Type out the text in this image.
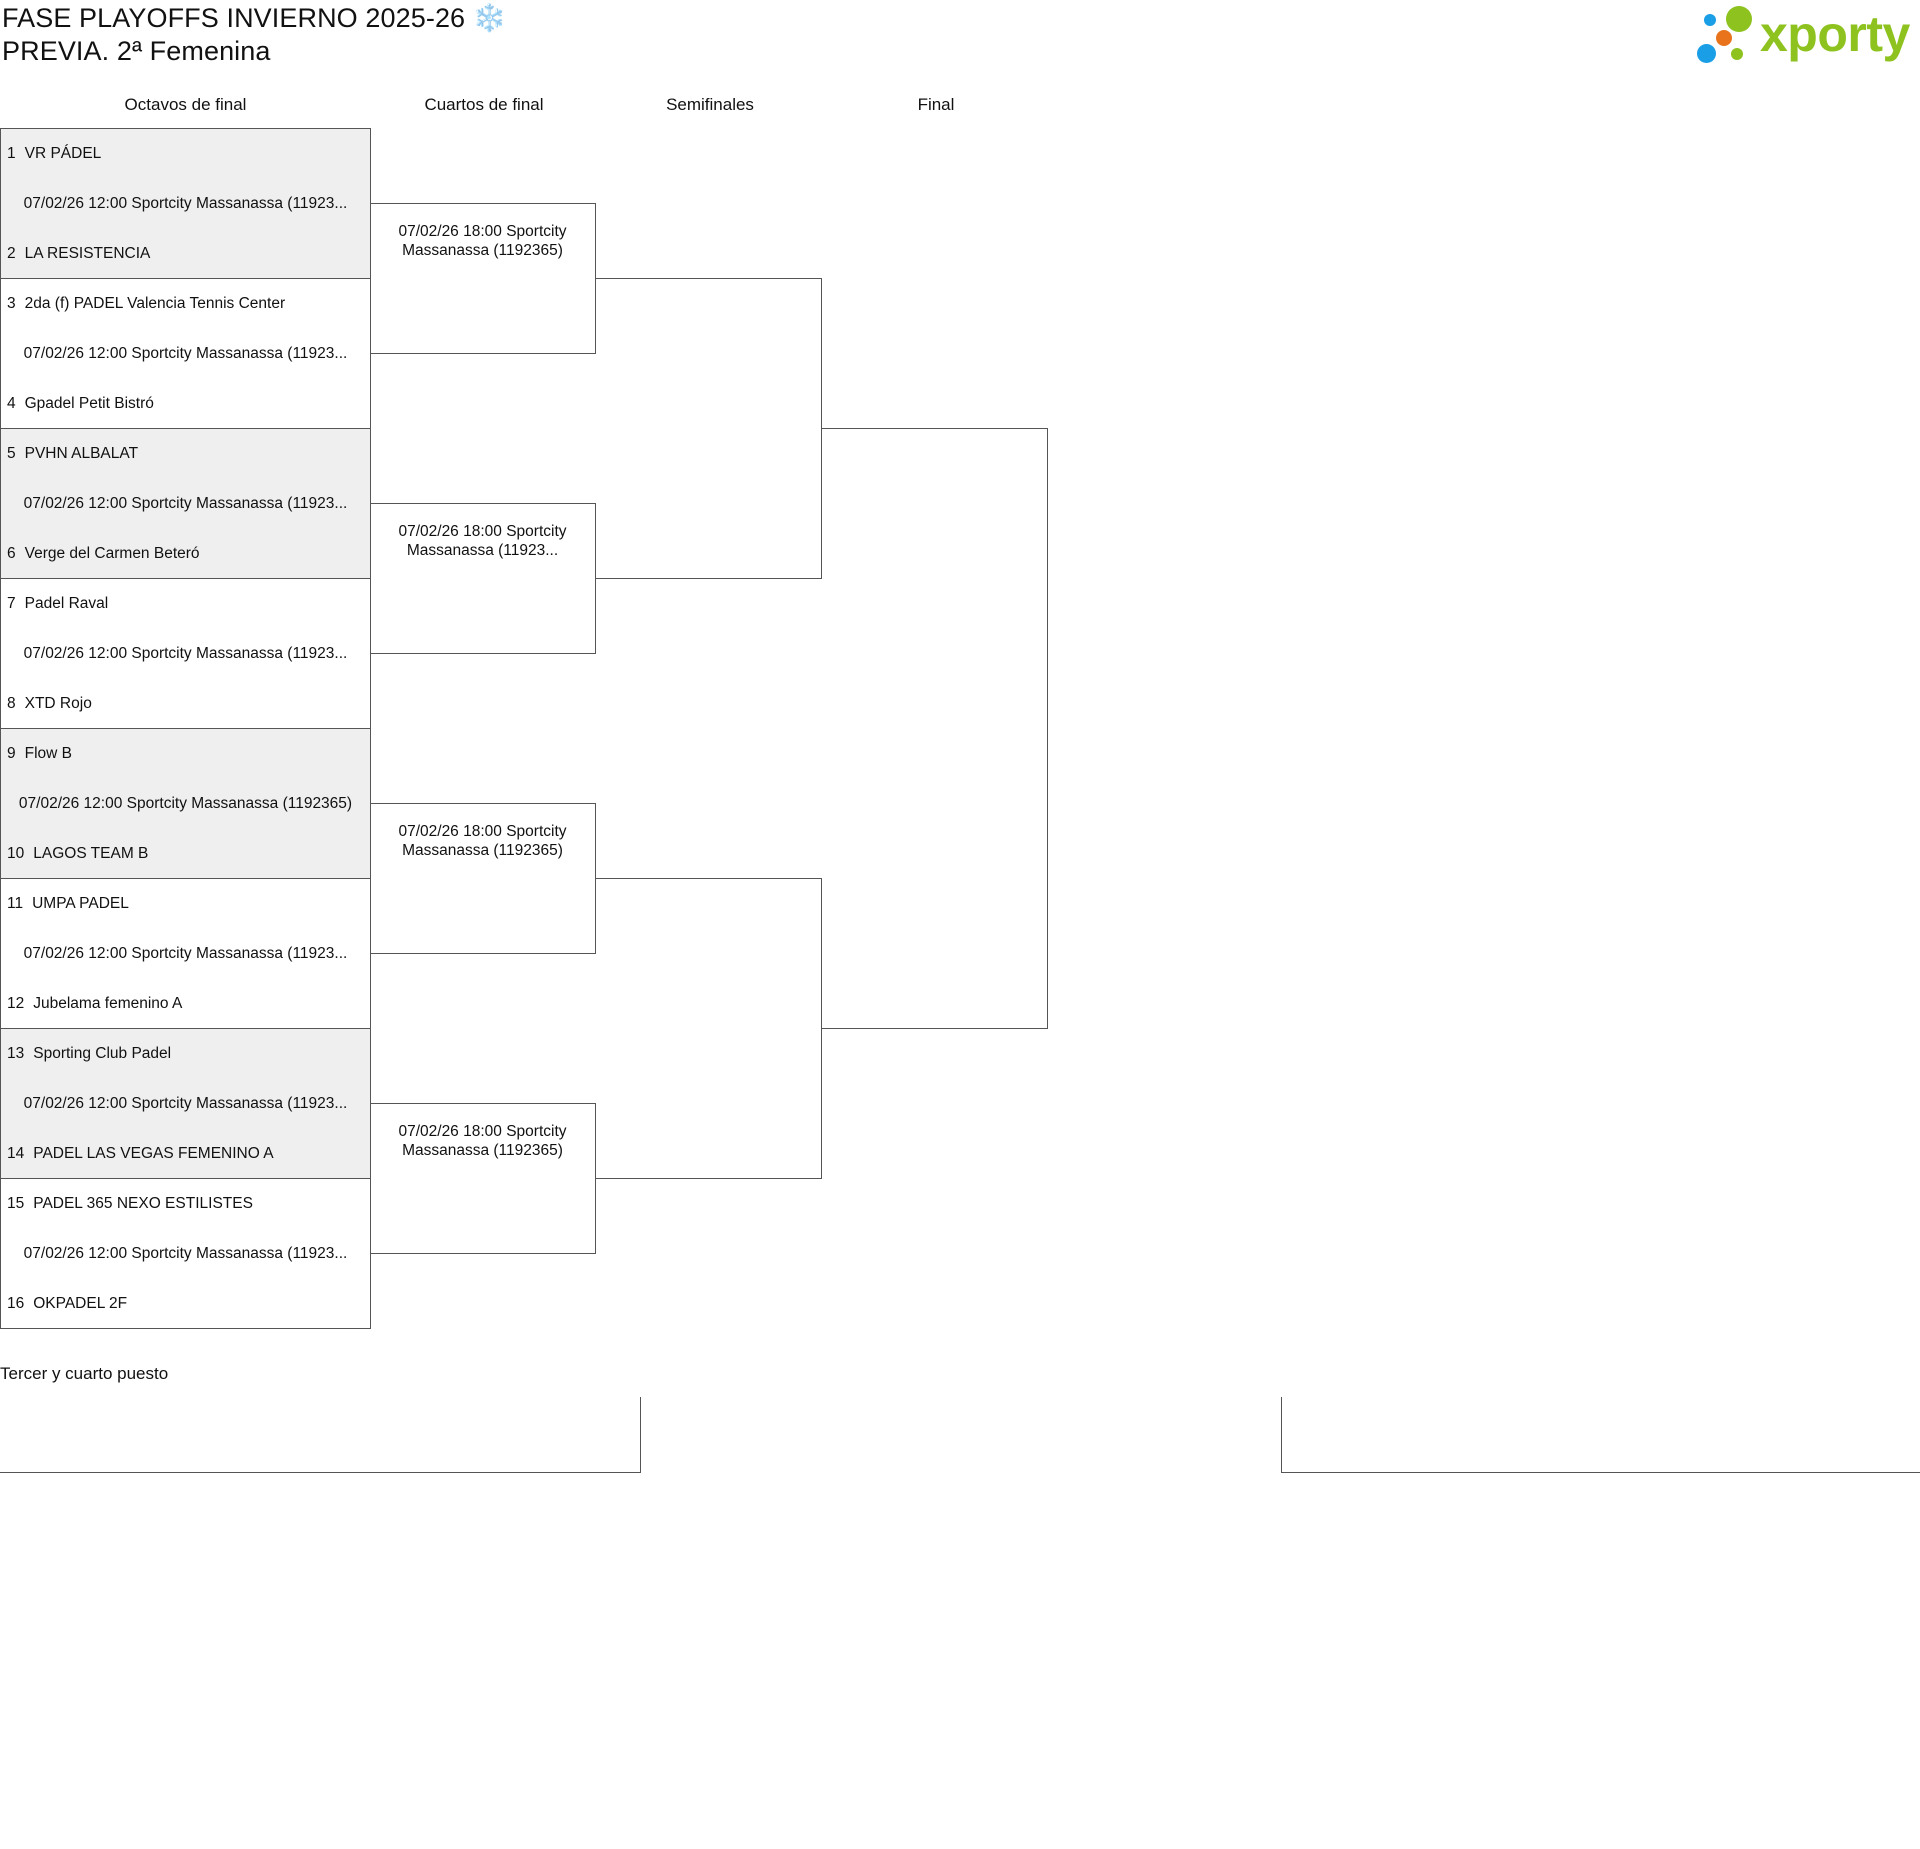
FASE PLAYOFFS INVIERNO 2025-26 ❄️
PREVIA. 2ª Femenina	xporty
Octavos de final	Cuartos de final	Semifinales	Final
1 VR PÁDEL
07/02/26 12:00 Sportcity Massanassa (11923...
2 LA RESISTENCIA
3 2da (f) PADEL Valencia Tennis Center
07/02/26 12:00 Sportcity Massanassa (11923...
4 Gpadel Petit Bistró
5 PVHN ALBALAT
07/02/26 12:00 Sportcity Massanassa (11923...
6 Verge del Carmen Beteró
7 Padel Raval
07/02/26 12:00 Sportcity Massanassa (11923...
8 XTD Rojo
9 Flow B
07/02/26 12:00 Sportcity Massanassa (1192365)
10 LAGOS TEAM B
11 UMPA PADEL
07/02/26 12:00 Sportcity Massanassa (11923...
12 Jubelama femenino A
13 Sporting Club Padel
07/02/26 12:00 Sportcity Massanassa (11923...
14 PADEL LAS VEGAS FEMENINO A
15 PADEL 365 NEXO ESTILISTES
07/02/26 12:00 Sportcity Massanassa (11923...
16 OKPADEL 2F
07/02/26 18:00 Sportcity
Massanassa (1192365)
07/02/26 18:00 Sportcity
Massanassa (11923...
07/02/26 18:00 Sportcity
Massanassa (1192365)
07/02/26 18:00 Sportcity
Massanassa (1192365)
Tercer y cuarto puesto
